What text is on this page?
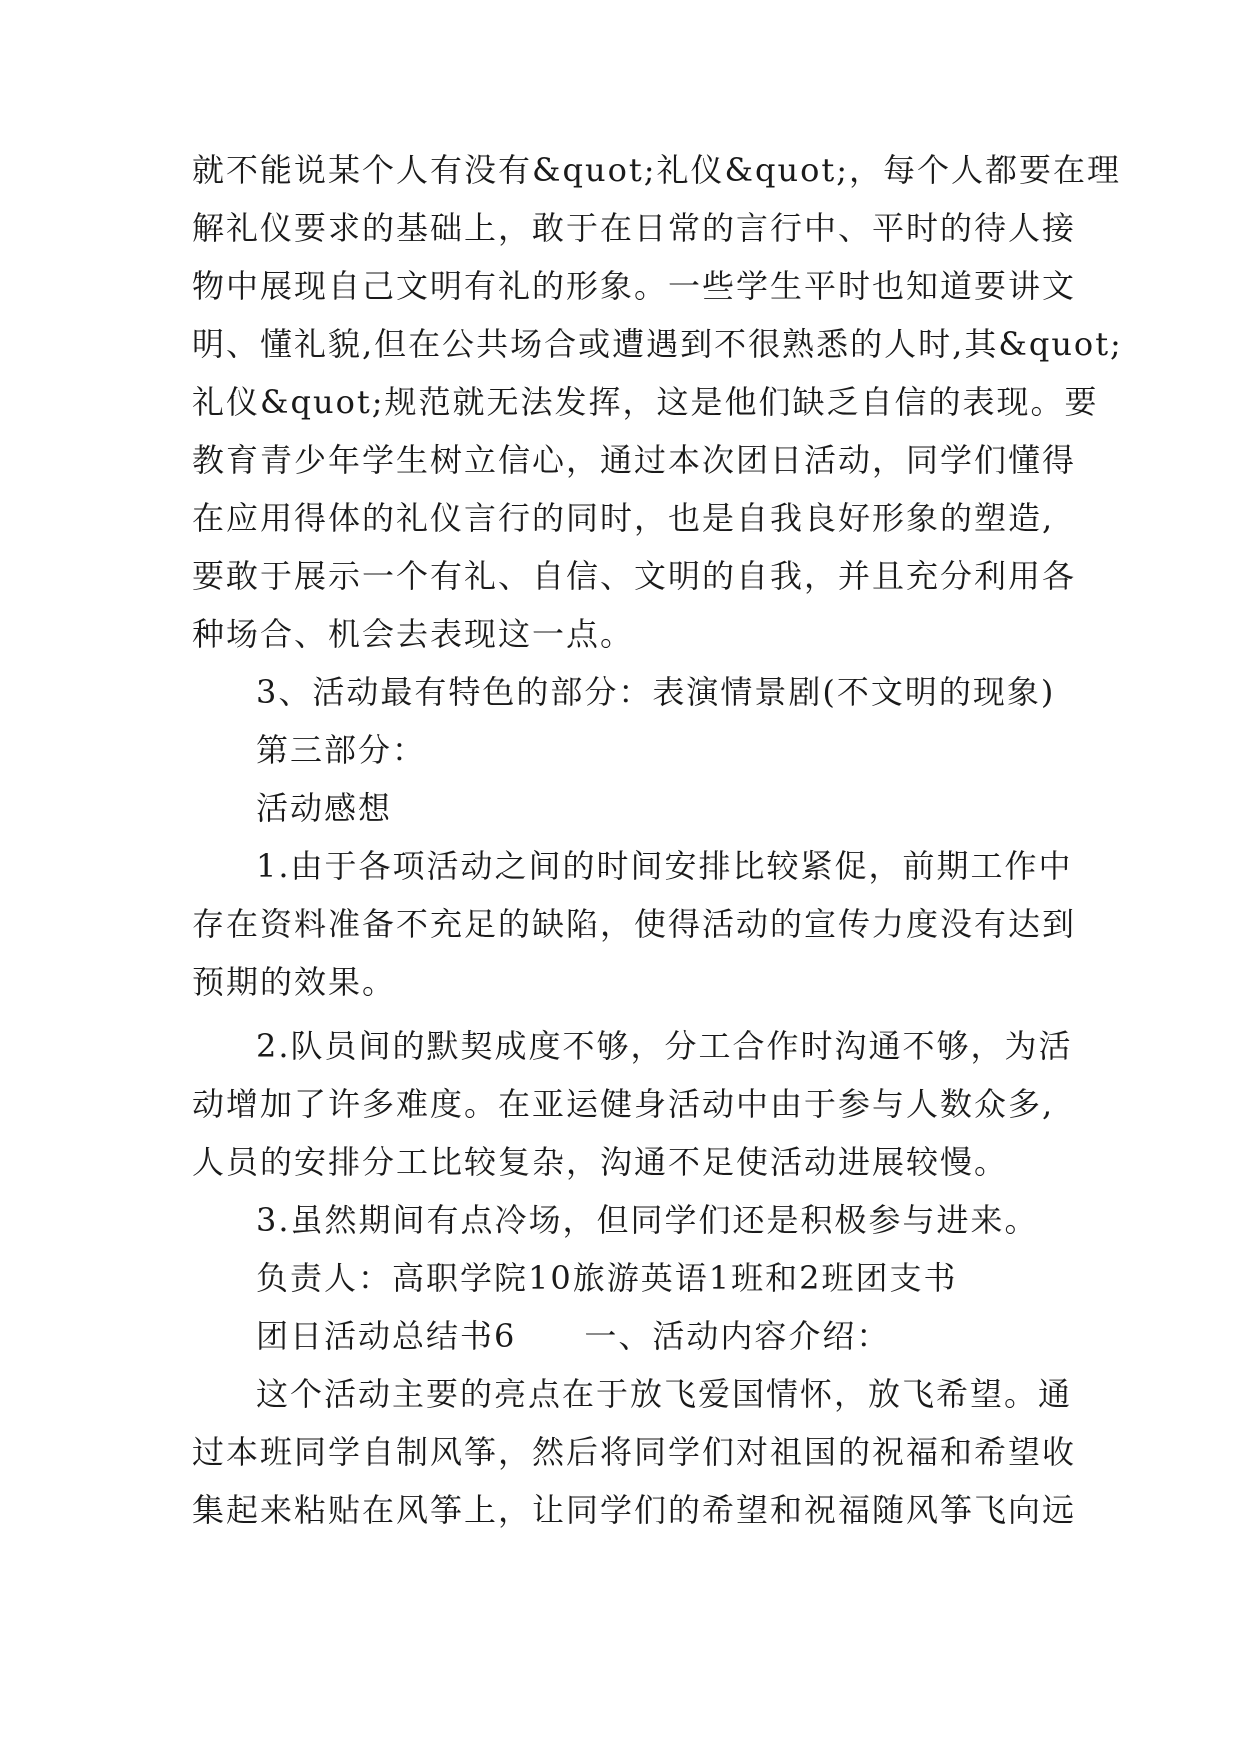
就不能说某个人有没有&quot;礼仪&quot;，每个人都要在理
解礼仪要求的基础上，敢于在日常的言行中、平时的待人接
物中展现自己文明有礼的形象。一些学生平时也知道要讲文
明、懂礼貌,但在公共场合或遭遇到不很熟悉的人时,其&quot;
礼仪&quot;规范就无法发挥，这是他们缺乏自信的表现。要
教育青少年学生树立信心，通过本次团日活动，同学们懂得
在应用得体的礼仪言行的同时，也是自我良好形象的塑造,
要敢于展示一个有礼、自信、文明的自我，并且充分利用各
种场合、机会去表现这一点。
3、活动最有特色的部分：表演情景剧(不文明的现象)
第三部分：
活动感想
1.由于各项活动之间的时间安排比较紧促，前期工作中
存在资料准备不充足的缺陷，使得活动的宣传力度没有达到
预期的效果。
2.队员间的默契成度不够，分工合作时沟通不够，为活
动增加了许多难度。在亚运健身活动中由于参与人数众多,
人员的安排分工比较复杂，沟通不足使活动进展较慢。
3.虽然期间有点冷场，但同学们还是积极参与进来。
负责人：高职学院10旅游英语1班和2班团支书
团日活动总结书6　　一、活动内容介绍：
这个活动主要的亮点在于放飞爱国情怀，放飞希望。通
过本班同学自制风筝，然后将同学们对祖国的祝福和希望收
集起来粘贴在风筝上，让同学们的希望和祝福随风筝飞向远
